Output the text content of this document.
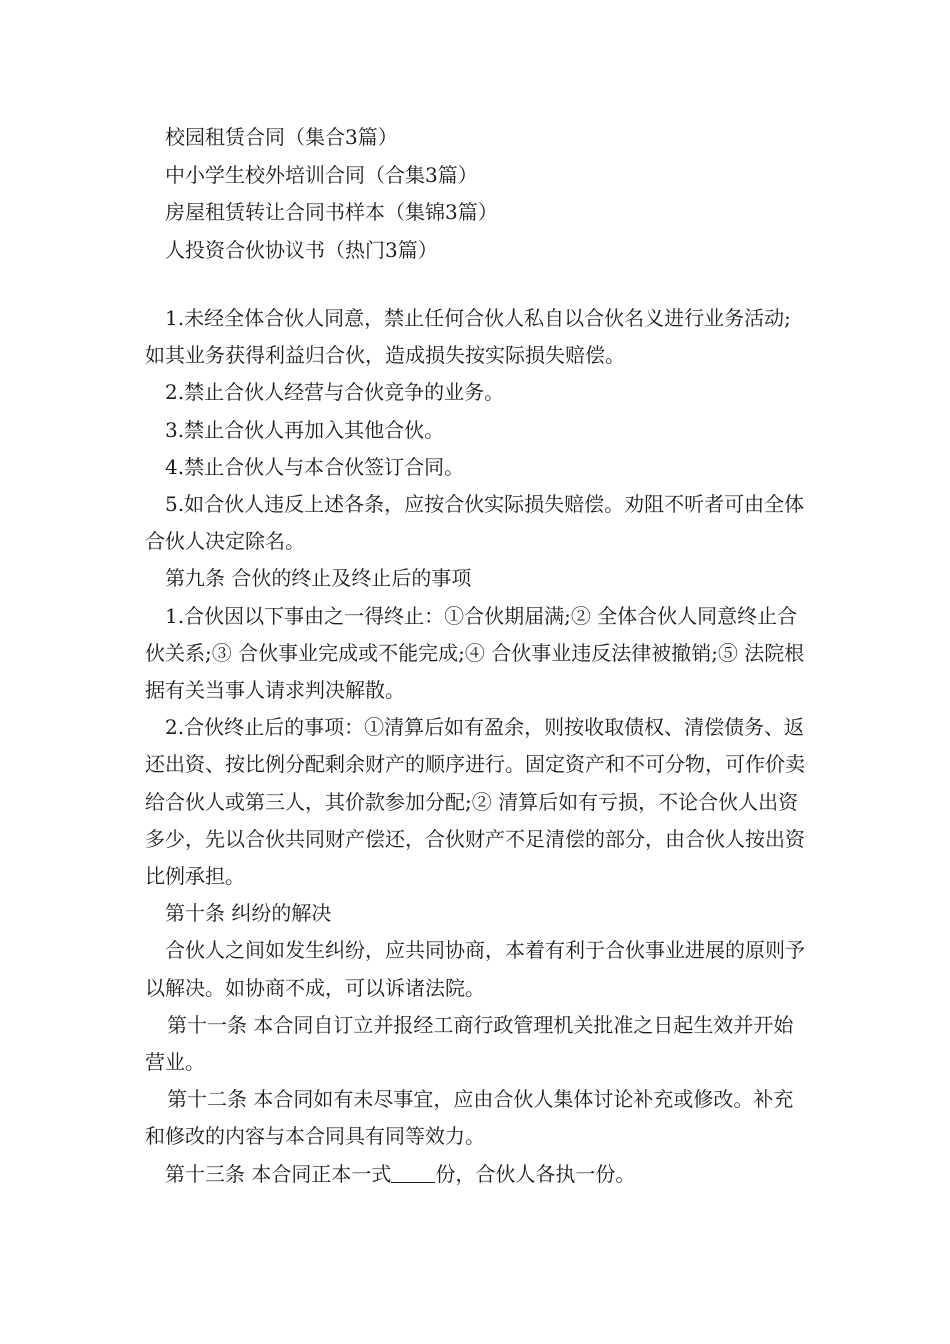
校园租赁合同（集合3篇）
中小学生校外培训合同（合集3篇）
房屋租赁转让合同书样本（集锦3篇）
人投资合伙协议书（热门3篇）

1.未经全体合伙人同意，禁止任何合伙人私自以合伙名义进行业务活动;如其业务获得利益归合伙，造成损失按实际损失赔偿。

2.禁止合伙人经营与合伙竞争的业务。

3.禁止合伙人再加入其他合伙。

4.禁止合伙人与本合伙签订合同。

5.如合伙人违反上述各条，应按合伙实际损失赔偿。劝阻不听者可由全体合伙人决定除名。

第九条 合伙的终止及终止后的事项

1.合伙因以下事由之一得终止：①合伙期届满;② 全体合伙人同意终止合伙关系;③ 合伙事业完成或不能完成;④ 合伙事业违反法律被撤销;⑤ 法院根据有关当事人请求判决解散。

2.合伙终止后的事项：①清算后如有盈余，则按收取债权、清偿债务、返还出资、按比例分配剩余财产的顺序进行。固定资产和不可分物，可作价卖给合伙人或第三人，其价款参加分配;② 清算后如有亏损，不论合伙人出资多少，先以合伙共同财产偿还，合伙财产不足清偿的部分，由合伙人按出资比例承担。

第十条 纠纷的解决

合伙人之间如发生纠纷，应共同协商，本着有利于合伙事业进展的原则予以解决。如协商不成，可以诉诸法院。

第十一条 本合同自订立并报经工商行政管理机关批准之日起生效并开始营业。

第十二条 本合同如有未尽事宜，应由合伙人集体讨论补充或修改。补充和修改的内容与本合同具有同等效力。

第十三条 本合同正本一式 份，合伙人各执一份。
